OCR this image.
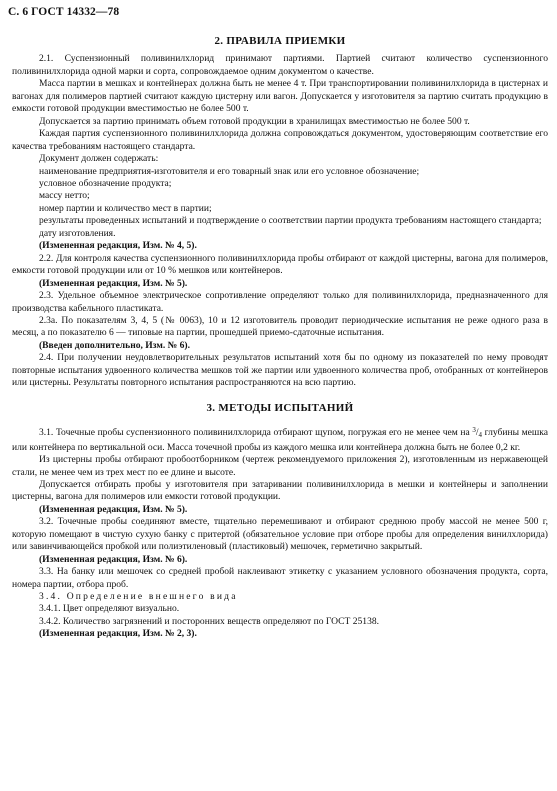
С. 6 ГОСТ 14332—78

2. ПРАВИЛА ПРИЕМКИ

2.1. Суспензионный поливинилхлорид принимают партиями. Партией считают количество суспензионного поливинилхлорида одной марки и сорта, сопровождаемое одним документом о качестве.

Масса партии в мешках и контейнерах должна быть не менее 4 т. При транспортировании поливинилхлорида в цистернах и вагонах для полимеров партией считают каждую цистерну или вагон. Допускается у изготовителя за партию считать продукцию в емкости готовой продукции вместимостью не более 500 т.

Допускается за партию принимать объем готовой продукции в хранилищах вместимостью не более 500 т.

Каждая партия суспензионного поливинилхлорида должна сопровождаться документом, удостоверяющим соответствие его качества требованиям настоящего стандарта.

Документ должен содержать:

наименование предприятия-изготовителя и его товарный знак или его условное обозначение;

условное обозначение продукта;

массу нетто;

номер партии и количество мест в партии;

результаты проведенных испытаний и подтверждение о соответствии партии продукта требованиям настоящего стандарта;

дату изготовления.

(Измененная редакция, Изм. № 4, 5).

2.2. Для контроля качества суспензионного поливинилхлорида пробы отбирают от каждой цистерны, вагона для полимеров, емкости готовой продукции или от 10 % мешков или контейнеров.

(Измененная редакция, Изм. № 5).

2.3. Удельное объемное электрическое сопротивление определяют только для поливинилхлорида, предназначенного для производства кабельного пластиката.

2.3а. По показателям 3, 4, 5 (№ 0063), 10 и 12 изготовитель проводит периодические испытания не реже одного раза в месяц, а по показателю 6 — типовые на партии, прошедшей приемо-сдаточные испытания.

(Введен дополнительно, Изм. № 6).

2.4. При получении неудовлетворительных результатов испытаний хотя бы по одному из показателей по нему проводят повторные испытания удвоенного количества мешков той же партии или удвоенного количества проб, отобранных от контейнеров или цистерны. Результаты повторного испытания распространяются на всю партию.

3. МЕТОДЫ ИСПЫТАНИЙ

3.1. Точечные пробы суспензионного поливинилхлорида отбирают щупом, погружая его не менее чем на $^3/_4$ глубины мешка или контейнера по вертикальной оси. Масса точечной пробы из каждого мешка или контейнера должна быть не более 0,2 кг.

Из цистерны пробы отбирают пробоотборником (чертеж рекомендуемого приложения 2), изготовленным из нержавеющей стали, не менее чем из трех мест по ее длине и высоте.

Допускается отбирать пробы у изготовителя при затаривании поливинилхлорида в мешки и контейнеры и заполнении цистерны, вагона для полимеров или емкости готовой продукции.

(Измененная редакция, Изм. № 5).

3.2. Точечные пробы соединяют вместе, тщательно перемешивают и отбирают среднюю пробу массой не менее 500 г, которую помещают в чистую сухую банку с притертой (обязательное условие при отборе пробы для определения винилхлорида) или завинчивающейся пробкой или полиэтиленовый (пластиковый) мешочек, герметично закрытый.

(Измененная редакция, Изм. № 6).

3.3. На банку или мешочек со средней пробой наклеивают этикетку с указанием условного обозначения продукта, сорта, номера партии, отбора проб.

3.4. Определение внешнего вида

3.4.1. Цвет определяют визуально.

3.4.2. Количество загрязнений и посторонних веществ определяют по ГОСТ 25138.

(Измененная редакция, Изм. № 2, 3).
